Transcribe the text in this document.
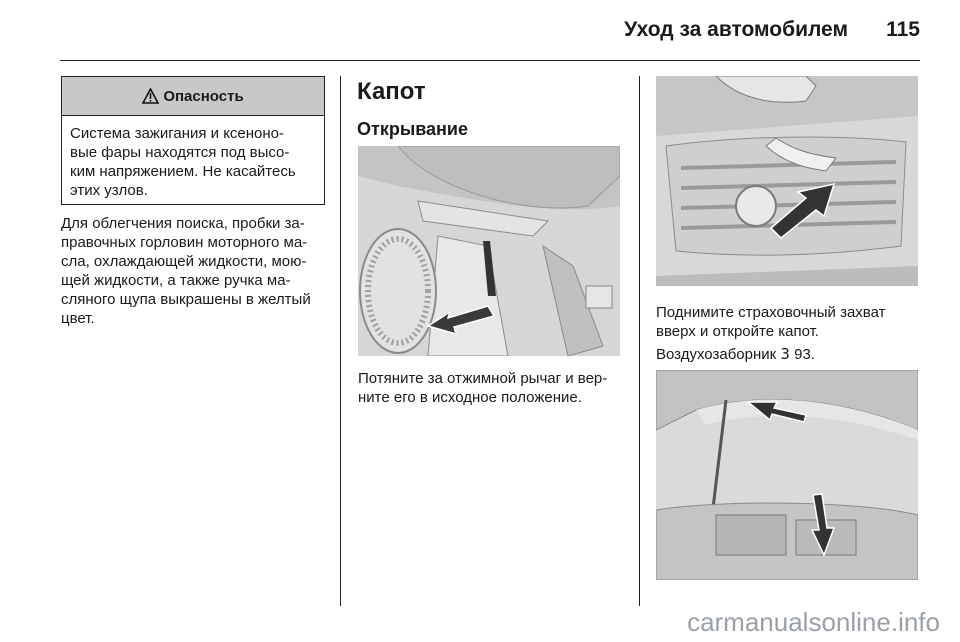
Уход за автомобилем 115
Опасность
Система зажигания и ксеноно-
вые фары находятся под высо-
ким напряжением. Не касайтесь
этих узлов.
Для облегчения поиска, пробки за-
правочных горловин моторного ма-
сла, охлаждающей жидкости, мою-
щей жидкости, а также ручка ма-
сляного щупа выкрашены в желтый
цвет.
Капот
Открывание
Потяните за отжимной рычаг и вер-
ните его в исходное положение.
Поднимите страховочный захват
вверх и откройте капот.
Воздухозаборник 3 93.
carmanualsonline.info
